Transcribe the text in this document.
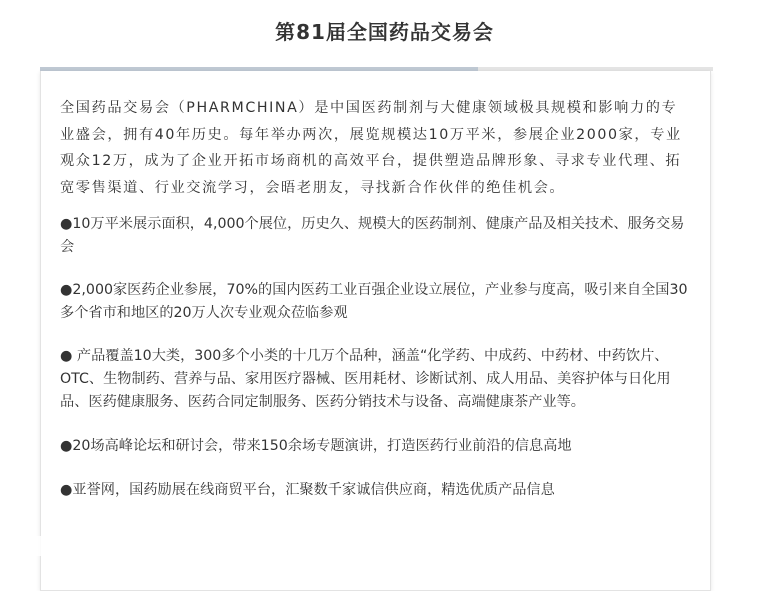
第81届全国药品交易会

全国药品交易会（PHARMCHINA）是中国医药制剂与大健康领域极具规模和影响力的专业盛会，拥有40年历史。每年举办两次，展览规模达10万平米，参展企业2000家，专业观众12万，成为了企业开拓市场商机的高效平台，提供塑造品牌形象、寻求专业代理、拓宽零售渠道、行业交流学习，会晤老朋友，寻找新合作伙伴的绝佳机会。

●10万平米展示面积，4,000个展位，历史久、规模大的医药制剂、健康产品及相关技术、服务交易会

●2,000家医药企业参展，70%的国内医药工业百强企业设立展位，产业参与度高，吸引来自全国30多个省市和地区的20万人次专业观众莅临参观

● 产品覆盖10大类，300多个小类的十几万个品种，涵盖“化学药、中成药、中药材、中药饮片、OTC、生物制药、营养与品、家用医疗器械、医用耗材、诊断试剂、成人用品、美容护体与日化用品、医药健康服务、医药合同定制服务、医药分销技术与设备、高端健康茶产业等。

●20场高峰论坛和研讨会，带来150余场专题演讲，打造医药行业前沿的信息高地

●亚誉网，国药励展在线商贸平台，汇聚数千家诚信供应商，精选优质产品信息
